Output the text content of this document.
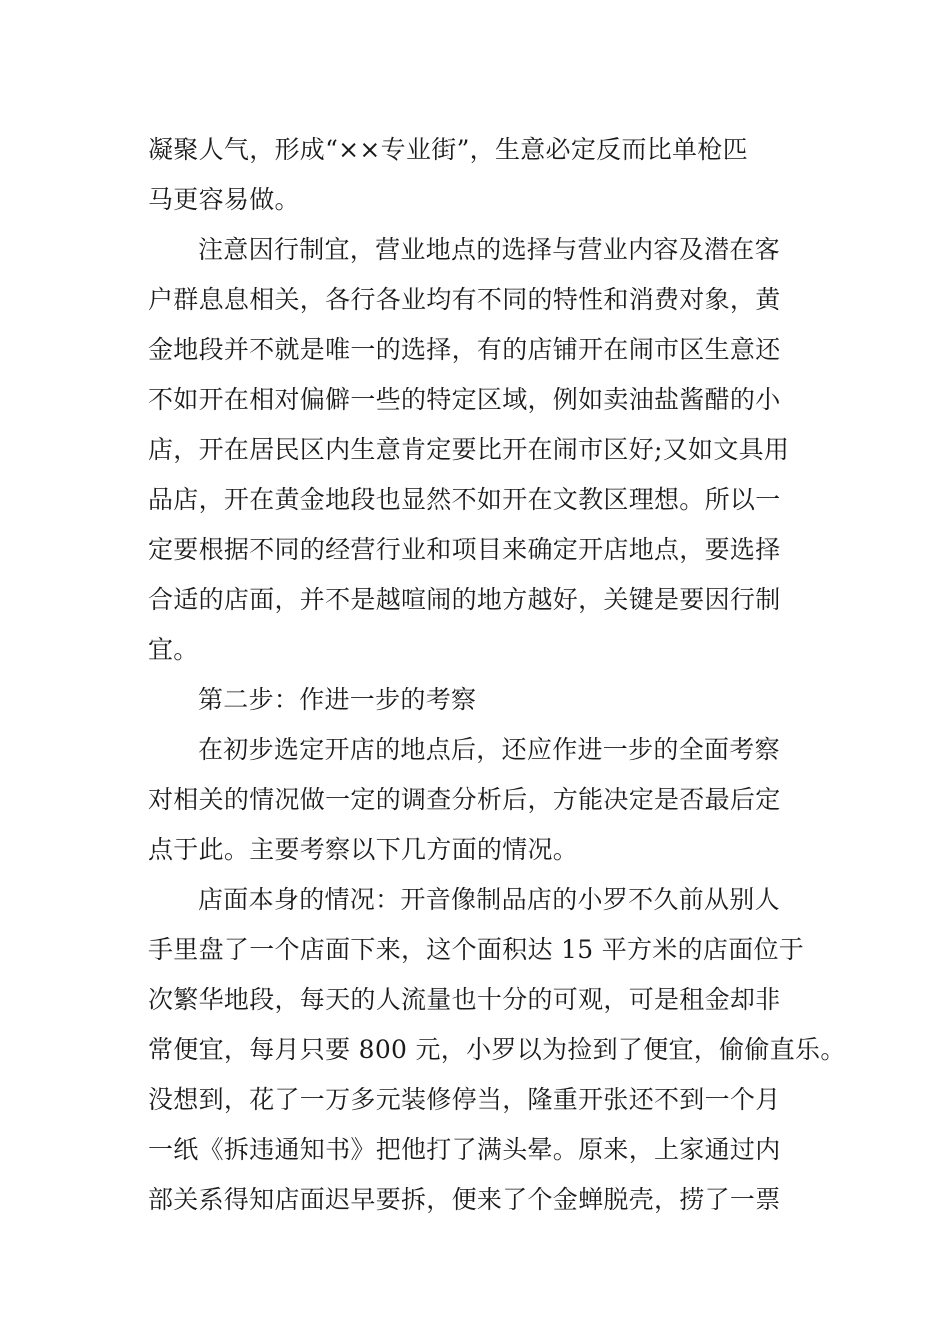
凝聚人气，形成“××专业街”，生意必定反而比单枪匹
马更容易做。
注意因行制宜，营业地点的选择与营业内容及潜在客
户群息息相关，各行各业均有不同的特性和消费对象，黄
金地段并不就是唯一的选择，有的店铺开在闹市区生意还
不如开在相对偏僻一些的特定区域，例如卖油盐酱醋的小
店，开在居民区内生意肯定要比开在闹市区好;又如文具用
品店，开在黄金地段也显然不如开在文教区理想。所以一
定要根据不同的经营行业和项目来确定开店地点，要选择
合适的店面，并不是越喧闹的地方越好，关键是要因行制
宜。
第二步：作进一步的考察
在初步选定开店的地点后，还应作进一步的全面考察
对相关的情况做一定的调查分析后，方能决定是否最后定
点于此。主要考察以下几方面的情况。
店面本身的情况：开音像制品店的小罗不久前从别人
手里盘了一个店面下来，这个面积达 15 平方米的店面位于
次繁华地段，每天的人流量也十分的可观，可是租金却非
常便宜，每月只要 800 元，小罗以为捡到了便宜，偷偷直乐。
没想到，花了一万多元装修停当，隆重开张还不到一个月
一纸《拆违通知书》把他打了满头晕。原来，上家通过内
部关系得知店面迟早要拆，便来了个金蝉脱壳，捞了一票
